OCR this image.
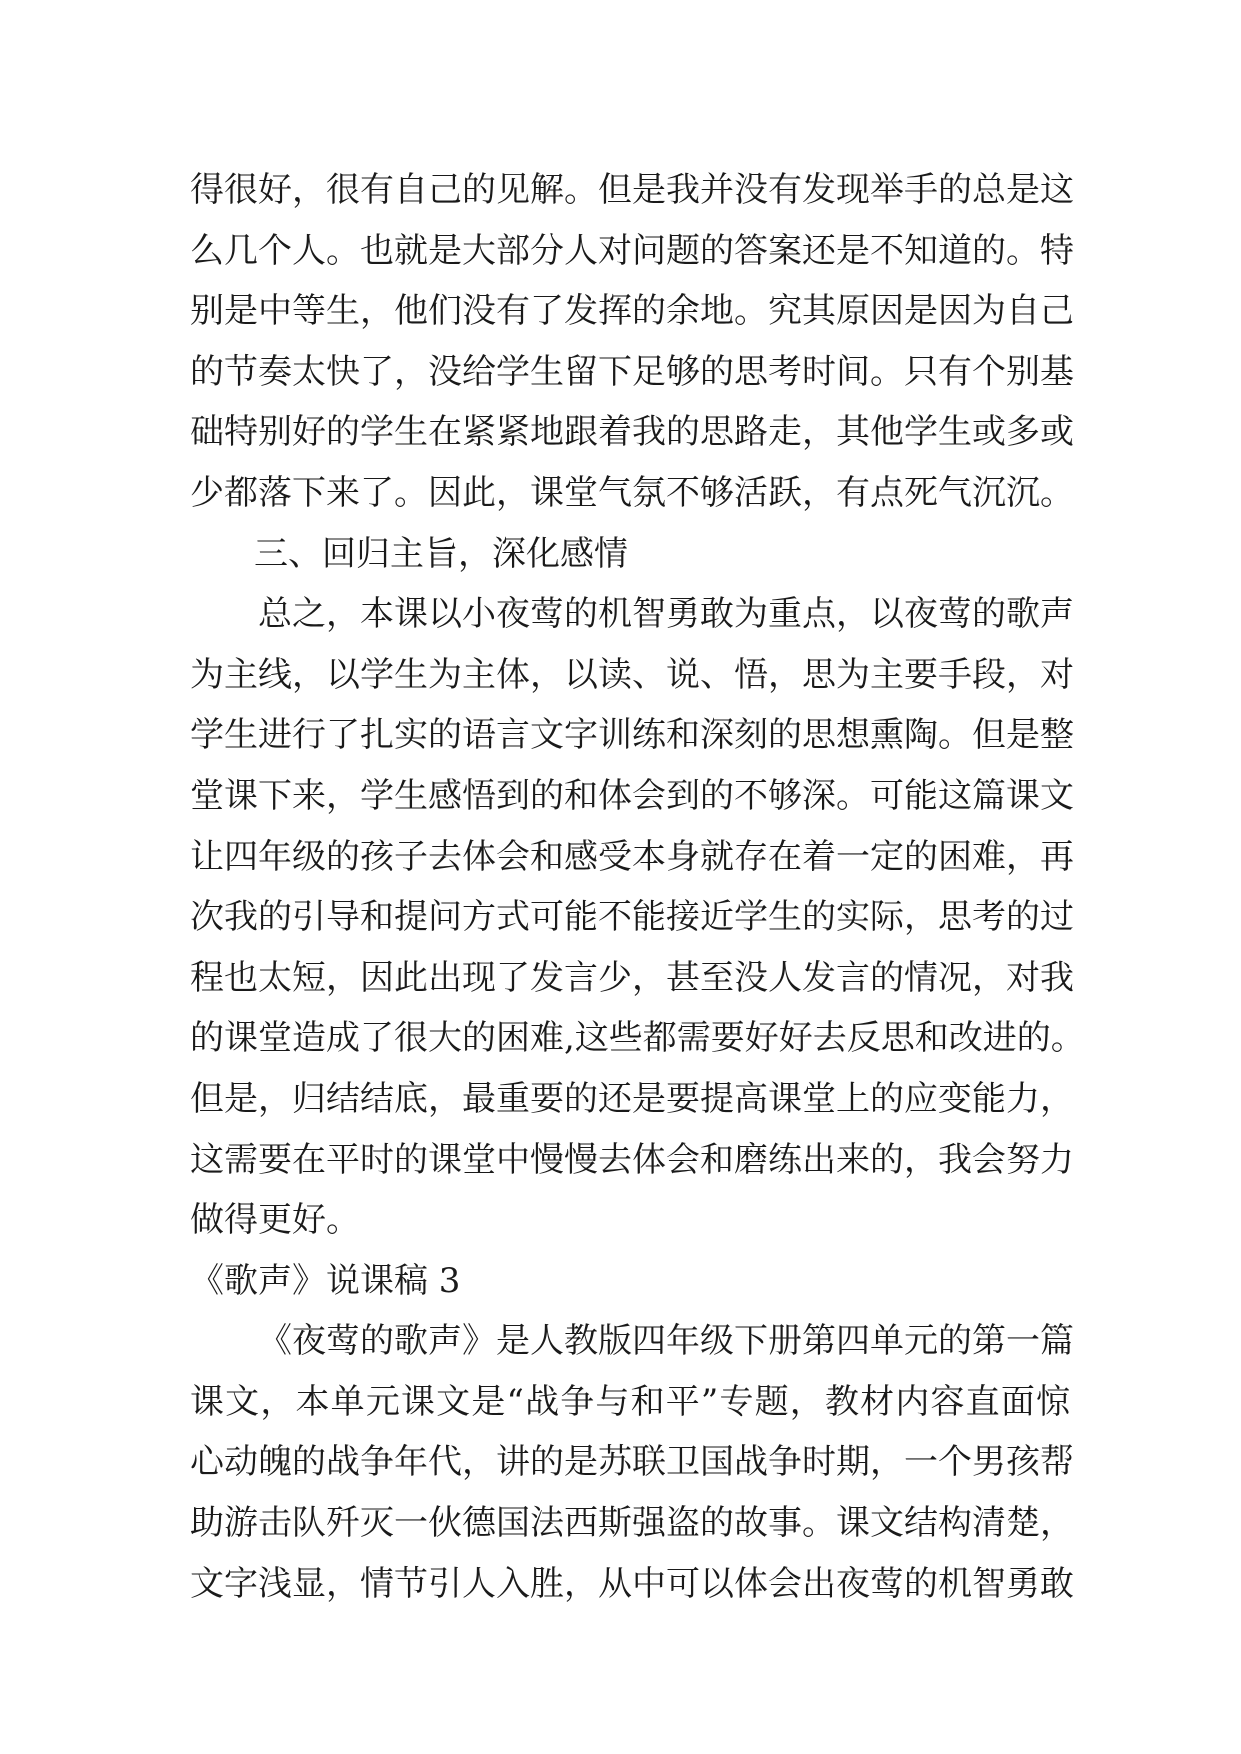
得很好，很有自己的见解。但是我并没有发现举手的总是这
么几个人。也就是大部分人对问题的答案还是不知道的。特
别是中等生，他们没有了发挥的余地。究其原因是因为自己
的节奏太快了，没给学生留下足够的思考时间。只有个别基
础特别好的学生在紧紧地跟着我的思路走，其他学生或多或
少都落下来了。因此，课堂气氛不够活跃，有点死气沉沉。
三、回归主旨，深化感情
总之，本课以小夜莺的机智勇敢为重点，以夜莺的歌声
为主线，以学生为主体，以读、说、悟，思为主要手段，对
学生进行了扎实的语言文字训练和深刻的思想熏陶。但是整
堂课下来，学生感悟到的和体会到的不够深。可能这篇课文
让四年级的孩子去体会和感受本身就存在着一定的困难，再
次我的引导和提问方式可能不能接近学生的实际，思考的过
程也太短，因此出现了发言少，甚至没人发言的情况，对我
的课堂造成了很大的困难,这些都需要好好去反思和改进的。
但是，归结结底，最重要的还是要提高课堂上的应变能力，
这需要在平时的课堂中慢慢去体会和磨练出来的，我会努力
做得更好。
《歌声》说课稿 3
《夜莺的歌声》是人教版四年级下册第四单元的第一篇
课文，本单元课文是“战争与和平”专题，教材内容直面惊
心动魄的战争年代，讲的是苏联卫国战争时期，一个男孩帮
助游击队歼灭一伙德国法西斯强盗的故事。课文结构清楚，
文字浅显，情节引人入胜，从中可以体会出夜莺的机智勇敢
